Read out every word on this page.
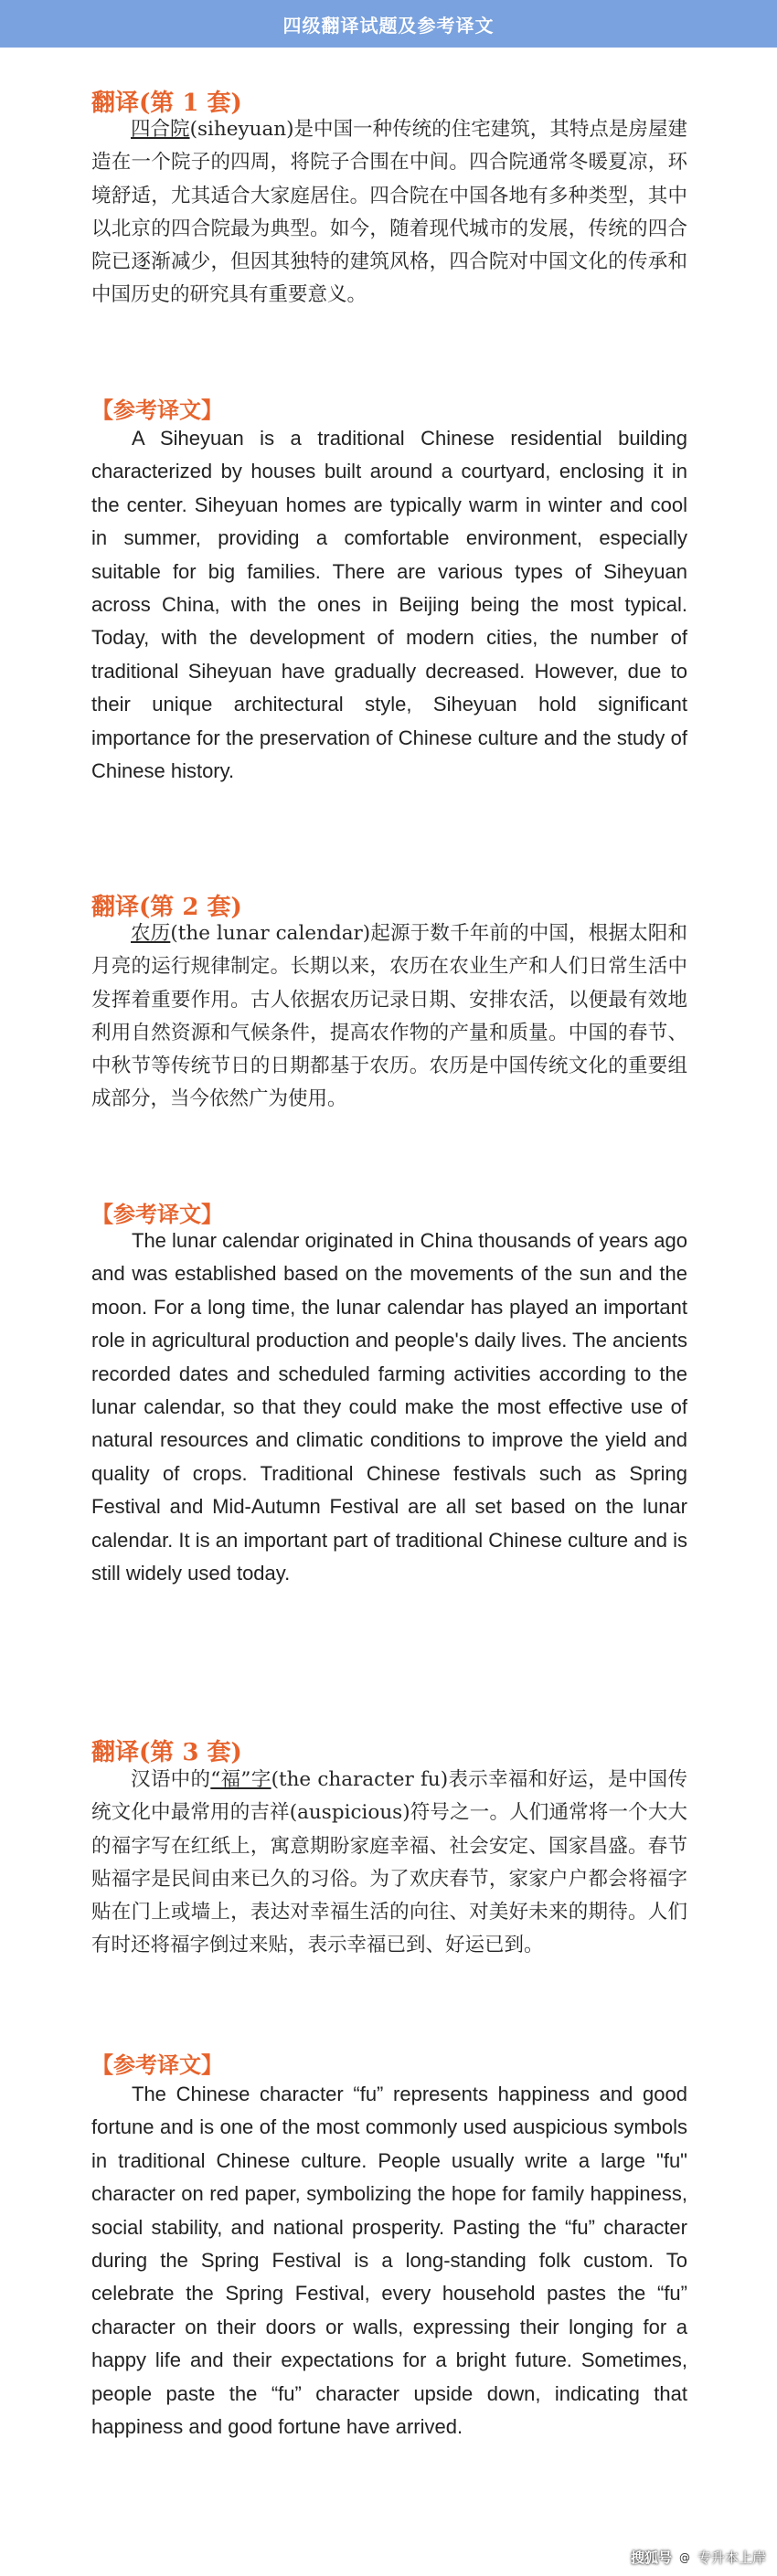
四级翻译试题及参考译文
翻译(第 1 套)
四合院(siheyuan)是中国一种传统的住宅建筑，其特点是房屋建造在一个院子的四周，将院子合围在中间。四合院通常冬暖夏凉，环境舒适，尤其适合大家庭居住。四合院在中国各地有多种类型，其中以北京的四合院最为典型。如今，随着现代城市的发展，传统的四合院已逐渐减少，但因其独特的建筑风格，四合院对中国文化的传承和中国历史的研究具有重要意义。
【参考译文】
A Siheyuan is a traditional Chinese residential building characterized by houses built around a courtyard, enclosing it in the center. Siheyuan homes are typically warm in winter and cool in summer, providing a comfortable environment, especially suitable for big families. There are various types of Siheyuan across China, with the ones in Beijing being the most typical. Today, with the development of modern cities, the number of traditional Siheyuan have gradually decreased. However, due to their unique architectural style, Siheyuan hold significant importance for the preservation of Chinese culture and the study of Chinese history.
翻译(第 2 套)
农历(the lunar calendar)起源于数千年前的中国，根据太阳和月亮的运行规律制定。长期以来，农历在农业生产和人们日常生活中发挥着重要作用。古人依据农历记录日期、安排农活，以便最有效地利用自然资源和气候条件，提高农作物的产量和质量。中国的春节、中秋节等传统节日的日期都基于农历。农历是中国传统文化的重要组成部分，当今依然广为使用。
【参考译文】
The lunar calendar originated in China thousands of years ago and was established based on the movements of the sun and the moon. For a long time, the lunar calendar has played an important role in agricultural production and people's daily lives. The ancients recorded dates and scheduled farming activities according to the lunar calendar, so that they could make the most effective use of natural resources and climatic conditions to improve the yield and quality of crops. Traditional Chinese festivals such as Spring Festival and Mid-Autumn Festival are all set based on the lunar calendar. It is an important part of traditional Chinese culture and is still widely used today.
翻译(第 3 套)
汉语中的“福”字(the character fu)表示幸福和好运，是中国传统文化中最常用的吉祥(auspicious)符号之一。人们通常将一个大大的福字写在红纸上，寓意期盼家庭幸福、社会安定、国家昌盛。春节贴福字是民间由来已久的习俗。为了欢庆春节，家家户户都会将福字贴在门上或墙上，表达对幸福生活的向往、对美好未来的期待。人们有时还将福字倒过来贴，表示幸福已到、好运已到。
【参考译文】
The Chinese character “fu” represents happiness and good fortune and is one of the most commonly used auspicious symbols in traditional Chinese culture. People usually write a large "fu" character on red paper, symbolizing the hope for family happiness, social stability, and national prosperity. Pasting the “fu” character during the Spring Festival is a long-standing folk custom. To celebrate the Spring Festival, every household pastes the “fu” character on their doors or walls, expressing their longing for a happy life and their expectations for a bright future. Sometimes, people paste the “fu” character upside down, indicating that happiness and good fortune have arrived.
搜狐号 @ 专升本上岸
